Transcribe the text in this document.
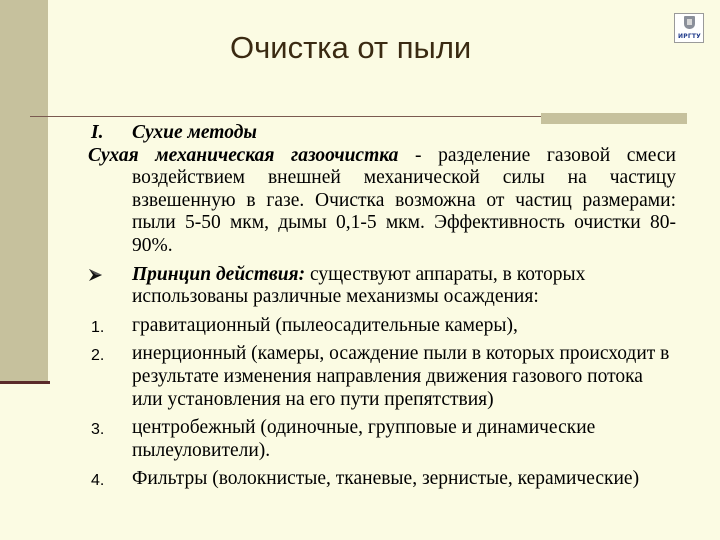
ИРГТУ
Очистка от пыли
I. Сухие методы
Сухая механическая газоочистка - разделение газовой смеси воздействием внешней механической силы на частицу взвешенную в газе. Очистка возможна от частиц размерами: пыли 5-50 мкм, дымы 0,1-5 мкм. Эффективность очистки 80-90%.
Принцип действия: существуют аппараты, в которых использованы различные механизмы осаждения:
1. гравитационный (пылеосадительные камеры),
2. инерционный (камеры, осаждение пыли в которых происходит в результате изменения направления движения газового потока или установления на его пути препятствия)
3. центробежный (одиночные, групповые и динамические пылеуловители).
4. Фильтры (волокнистые, тканевые, зернистые, керамические)
